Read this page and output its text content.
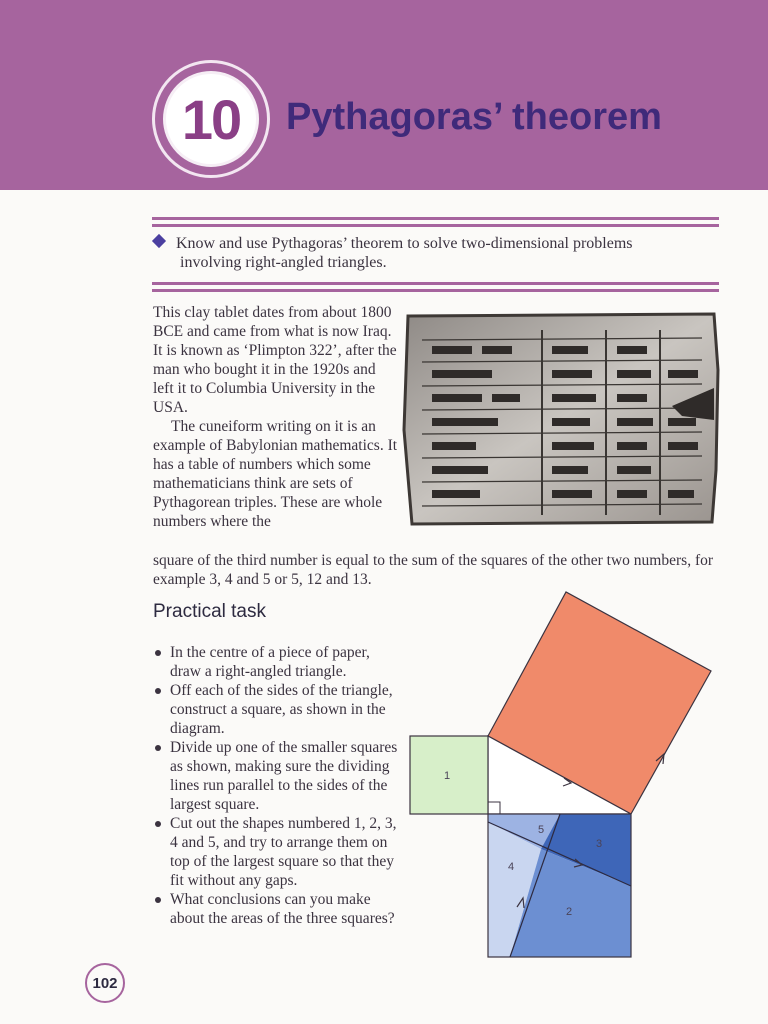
10 Pythagoras’ theorem
Know and use Pythagoras’ theorem to solve two-dimensional problems
involving right-angled triangles.

This clay tablet dates from about 1800 BCE and came from what is now Iraq. It is known as ‘Plimpton 322’, after the man who bought it in the 1920s and left it to Columbia University in the USA.

The cuneiform writing on it is an example of Babylonian mathematics. It has a table of numbers which some mathematicians think are sets of Pythagorean triples. These are whole numbers where the

square of the third number is equal to the sum of the squares of the other two numbers, for example 3, 4 and 5 or 5, 12 and 13.
Practical task
In the centre of a piece of paper, draw a right-angled triangle.
Off each of the sides of the triangle, construct a square, as shown in the diagram.
Divide up one of the smaller squares as shown, making sure the dividing lines run parallel to the sides of the largest square.
Cut out the shapes numbered 1, 2, 3, 4 and 5, and try to arrange them on top of the largest square so that they fit without any gaps.
What conclusions can you make about the areas of the three squares?
1
2
3
4
5
102
